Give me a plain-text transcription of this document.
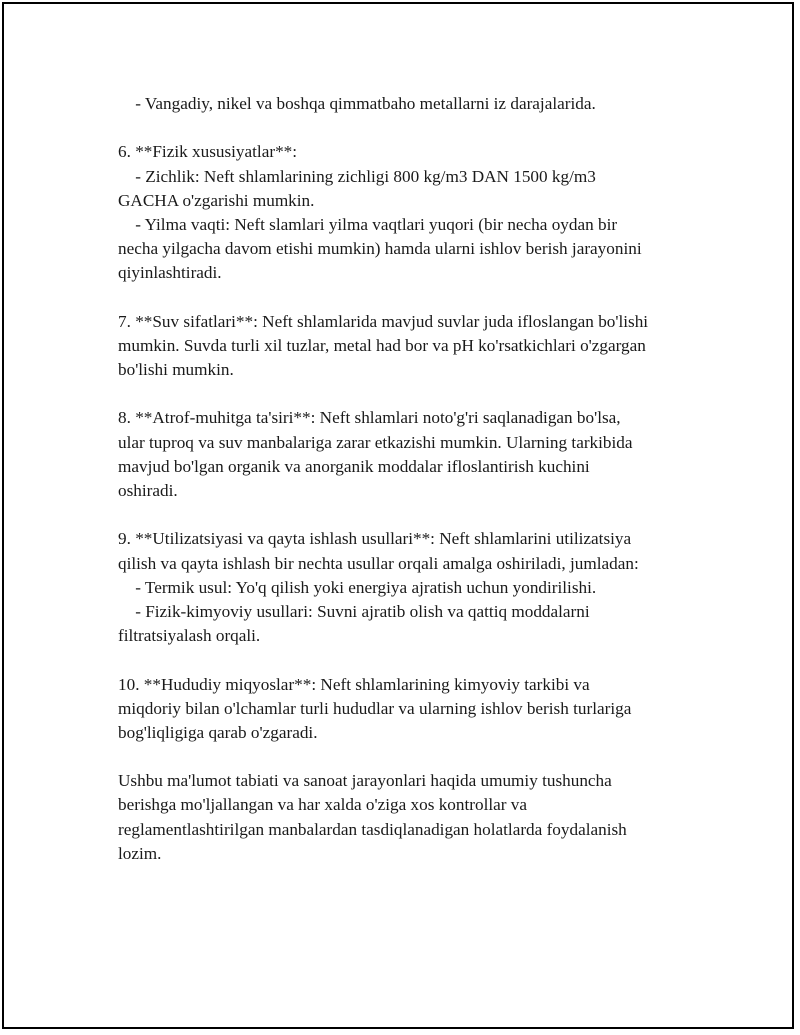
- Vangadiy, nikel va boshqa qimmatbaho metallarni iz darajalarida.
6. **Fizik xususiyatlar**:
- Zichlik: Neft shlamlarining zichligi 800 kg/m3 DAN 1500 kg/m3
GACHA o'zgarishi mumkin.
- Yilma vaqti: Neft slamlari yilma vaqtlari yuqori (bir necha oydan bir
necha yilgacha davom etishi mumkin) hamda ularni ishlov berish jarayonini
qiyinlashtiradi.
7. **Suv sifatlari**: Neft shlamlarida mavjud suvlar juda ifloslangan bo'lishi
mumkin. Suvda turli xil tuzlar, metal had bor va pH ko'rsatkichlari o'zgargan
bo'lishi mumkin.
8. **Atrof-muhitga ta'siri**: Neft shlamlari noto'g'ri saqlanadigan bo'lsa,
ular tuproq va suv manbalariga zarar etkazishi mumkin. Ularning tarkibida
mavjud bo'lgan organik va anorganik moddalar ifloslantirish kuchini
oshiradi.
9. **Utilizatsiyasi va qayta ishlash usullari**: Neft shlamlarini utilizatsiya
qilish va qayta ishlash bir nechta usullar orqali amalga oshiriladi, jumladan:
- Termik usul: Yo'q qilish yoki energiya ajratish uchun yondirilishi.
- Fizik-kimyoviy usullari: Suvni ajratib olish va qattiq moddalarni
filtratsiyalash orqali.
10. **Hududiy miqyoslar**: Neft shlamlarining kimyoviy tarkibi va
miqdoriy bilan o'lchamlar turli hududlar va ularning ishlov berish turlariga
bog'liqligiga qarab o'zgaradi.
Ushbu ma'lumot tabiati va sanoat jarayonlari haqida umumiy tushuncha
berishga mo'ljallangan va har xalda o'ziga xos kontrollar va
reglamentlashtirilgan manbalardan tasdiqlanadigan holatlarda foydalanish
lozim.
